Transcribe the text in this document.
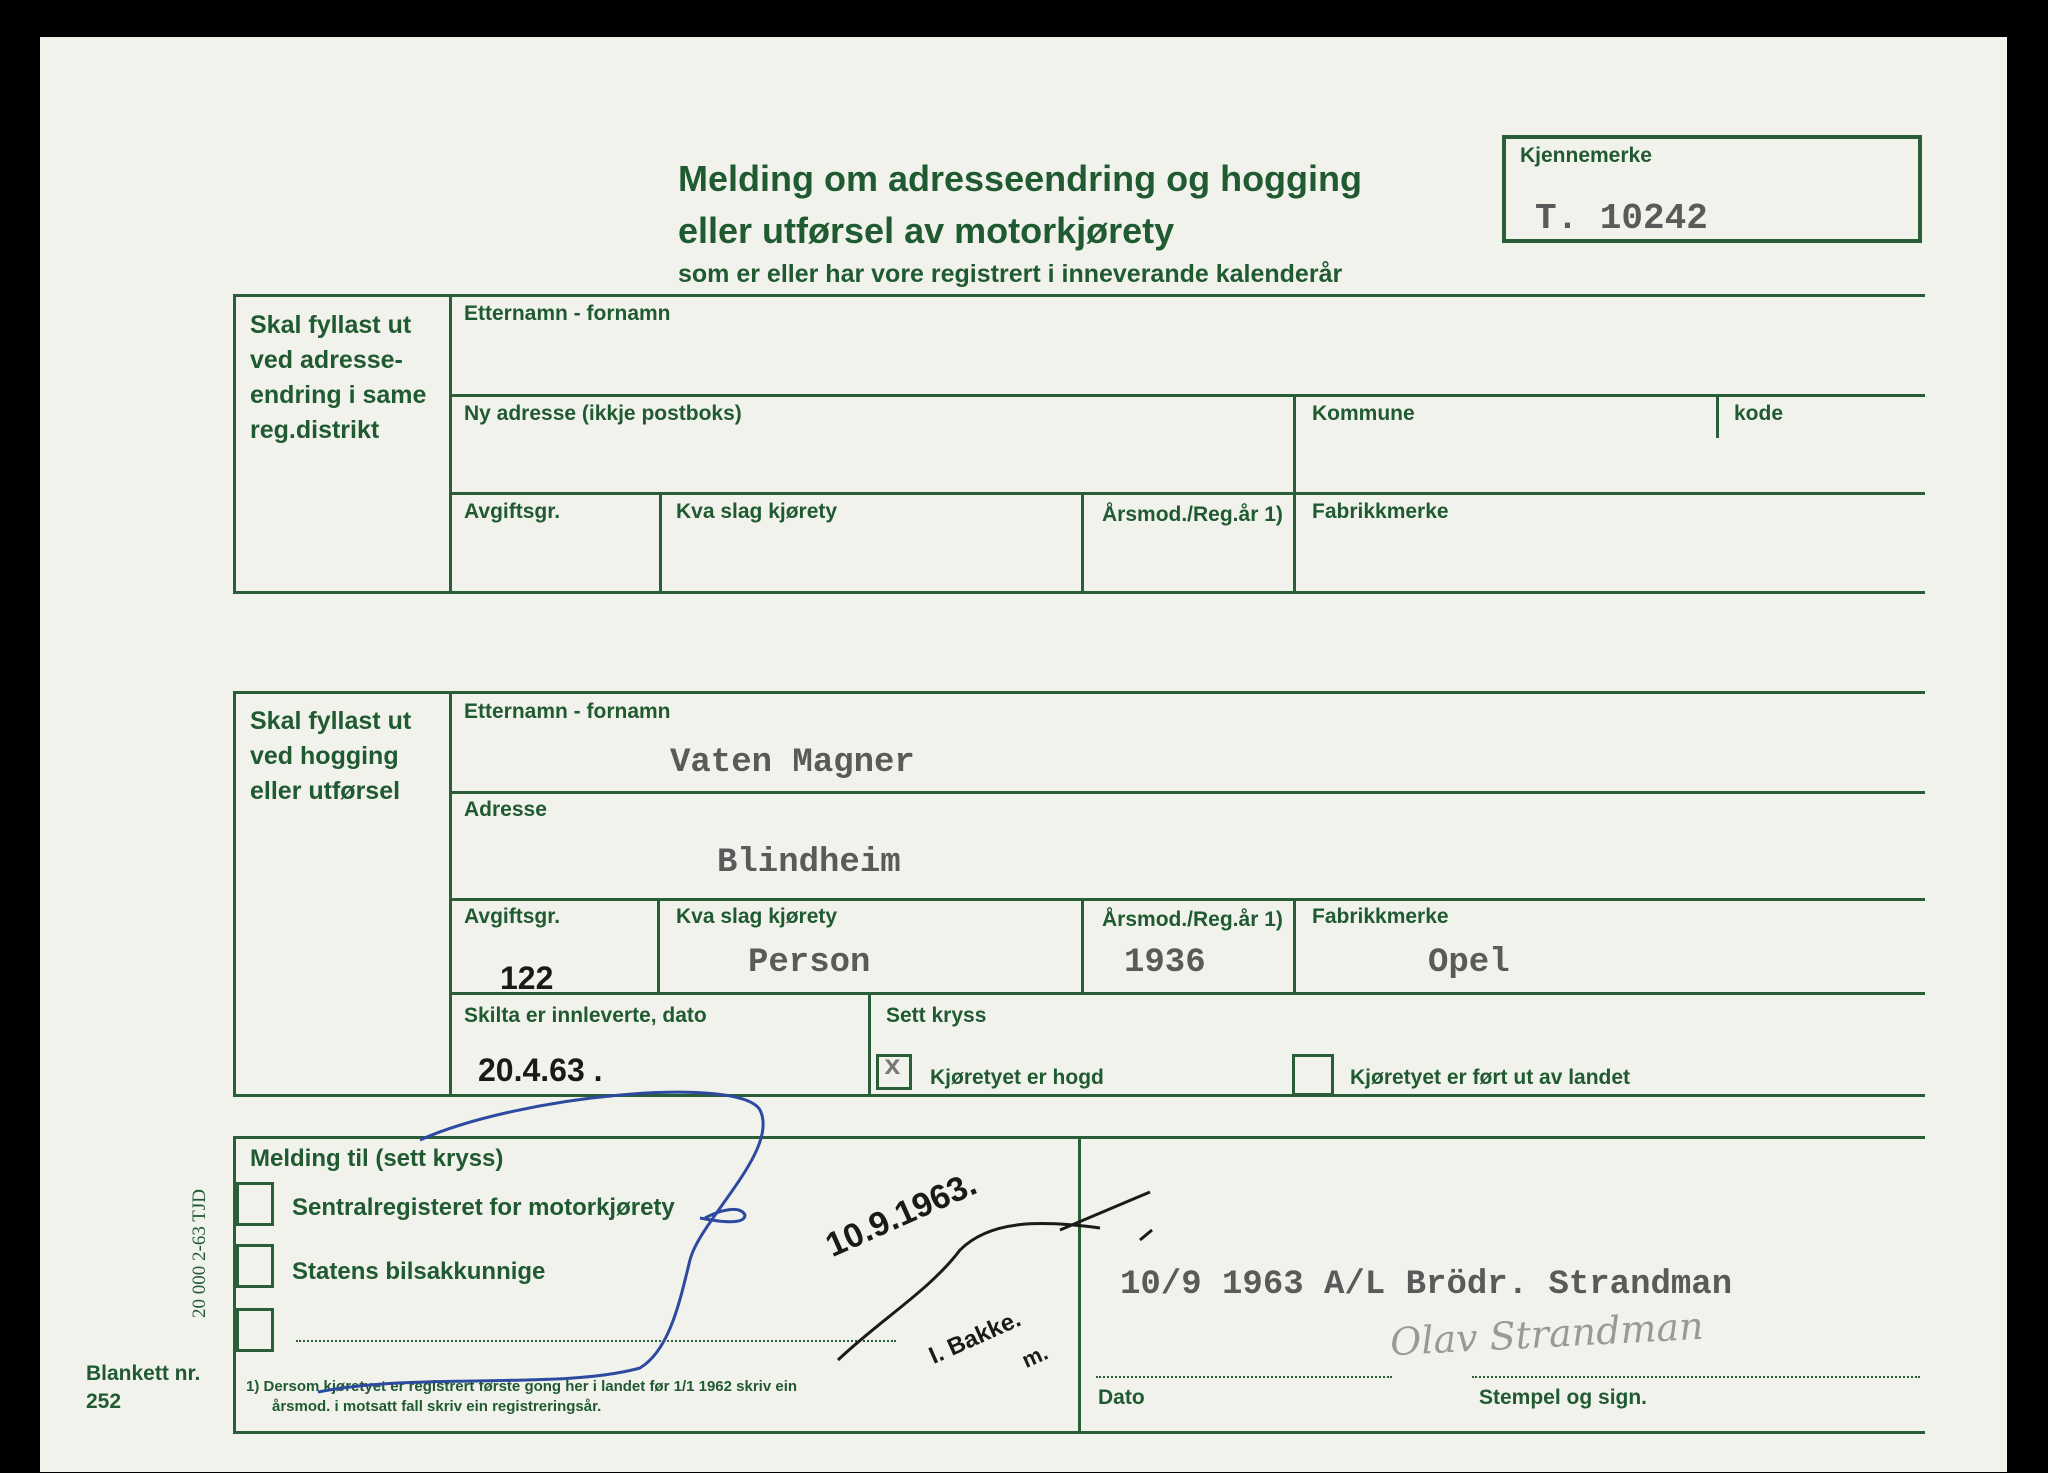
Melding om adresseendring og hogging
eller utførsel av motorkjørety
som er eller har vore registrert i inneverande kalenderår
Kjennemerke
T. 10242
Skal fyllast ut
ved adresse-
endring i same
reg.distrikt
Etternamn - fornamn
Ny adresse (ikkje postboks)	Kommune	kode
Avgiftsgr.	Kva slag kjørety	Årsmod./Reg.år 1) Fabrikkmerke
Skal fyllast ut
ved hogging
eller utførsel
Etternamn - fornamn
Vaten Magner
Adresse
Blindheim
Avgiftsgr.
122
Kva slag kjørety
Person
Årsmod./Reg.år 1)
1936
Fabrikkmerke
Opel
Skilta er innleverte, dato
20.4.63 .
Sett kryss
x Kjøretyet er hogd	Kjøretyet er ført ut av landet
Melding til (sett kryss)
Sentralregisteret for motorkjørety
Statens bilsakkunnige
10.9.1963.
I. Bakke.
m.
10/9 1963 A/L Brödr. Strandman
Olav Strandman
Dato	Stempel og sign.
20 000 2-63 TJD
Blankett nr.
252
1) Dersom kjøretyet er registrert første gong her i landet før 1/1 1962 skriv ein
årsmod. i motsatt fall skriv ein registreringsår.
